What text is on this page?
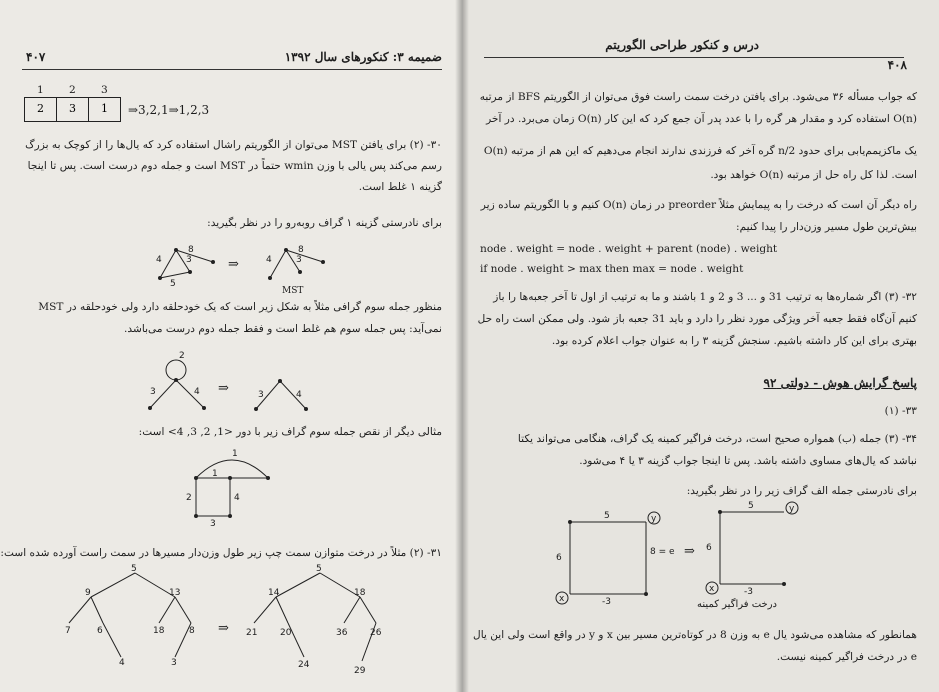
ضمیمه ۳: کنکورهای سال ۱۳۹۲
۴۰۷
1 2 3
2	3	1	⇒3,2,1⇒1,2,3
۳۰- (۲) برای یافتن MST می‌توان از الگوریتم راشال استفاده کرد که یال‌ها را از کوچک به بزرگ
رسم می‌کند پس یالی با وزن wmin حتماً در MST است و جمله دوم درست است. پس تا اینجا
گزینه ۱ غلط است.
برای نادرستی گزینه ۱ گراف روبه‌رو را در نظر بگیرید:
4
8
3
5
⇒	4
8
3
MST
منظور جمله سوم گرافی مثلاً به شکل زیر است که یک خودحلقه دارد ولی خودحلقه در MST
نمی‌آید: پس جمله سوم هم غلط است و فقط جمله دوم درست می‌باشد.
2
3	4 ⇒	3	4
مثالی دیگر از نقص جمله سوم گراف زیر با دور <1, 2, 3, 4> است:
1
1
2	4
3
۳۱- (۲) مثلاً در درخت متوازن سمت چپ زیر طول وزن‌دار مسیرها در سمت راست آورده شده است:
5
9	13
7	6	18	8
4	3
⇒
5
14	18
21	20	36	26
24
29
درس و کنکور طراحی الگوریتم
۴۰۸
که جواب مسأله ۳۶ می‌شود. برای یافتن درخت سمت راست فوق می‌توان از الگوریتم BFS از مرتبه
O(n) استفاده کرد و مقدار هر گره را با عدد پدر آن جمع کرد که این کار O(n) زمان می‌برد. در آخر
یک ماکزیمم‌یابی برای حدود n/2 گره آخر که فرزندی ندارند انجام می‌دهیم که این هم از مرتبه O(n)
است. لذا کل راه حل از مرتبه O(n) خواهد بود.
راه دیگر آن است که درخت را به پیمایش مثلاً preorder در زمان O(n) کنیم و با الگوریتم ساده زیر
بیش‌ترین طول مسیر وزن‌دار را پیدا کنیم:
node . weight = node . weight + parent (node) . weight
if node . weight > max then max = node . weight
۳۲- (۳) اگر شماره‌ها به ترتیب 31 و ... 3 و 2 و 1 باشند و ما به ترتیب از اول تا آخر جعبه‌ها را باز
کنیم آن‌گاه فقط جعبه آخر ویژگی مورد نظر را دارد و باید 31 جعبه باز شود. ولی ممکن است راه حل
بهتری برای این کار داشته باشیم. سنجش گزینه ۳ را به عنوان جواب اعلام کرده بود.
پاسخ گرایش هوش - دولتی ۹۲
۳۳- (۱)
۳۴- (۳) جمله (ب) همواره صحیح است، درخت فراگیر کمینه یک گراف، هنگامی می‌تواند یکتا
نباشد که یال‌های مساوی داشته باشد. پس تا اینجا جواب گزینه ۳ یا ۴ می‌شود.
برای نادرستی جمله الف گراف زیر را در نظر بگیرید:
5
6
-3
8 = e
x
y
⇒
5
6
-3
x
y
درخت فراگیر کمینه
همانطور که مشاهده می‌شود یال e به وزن 8 در کوتاه‌ترین مسیر بین x و y در واقع است ولی این یال
e در درخت فراگیر کمینه نیست.
